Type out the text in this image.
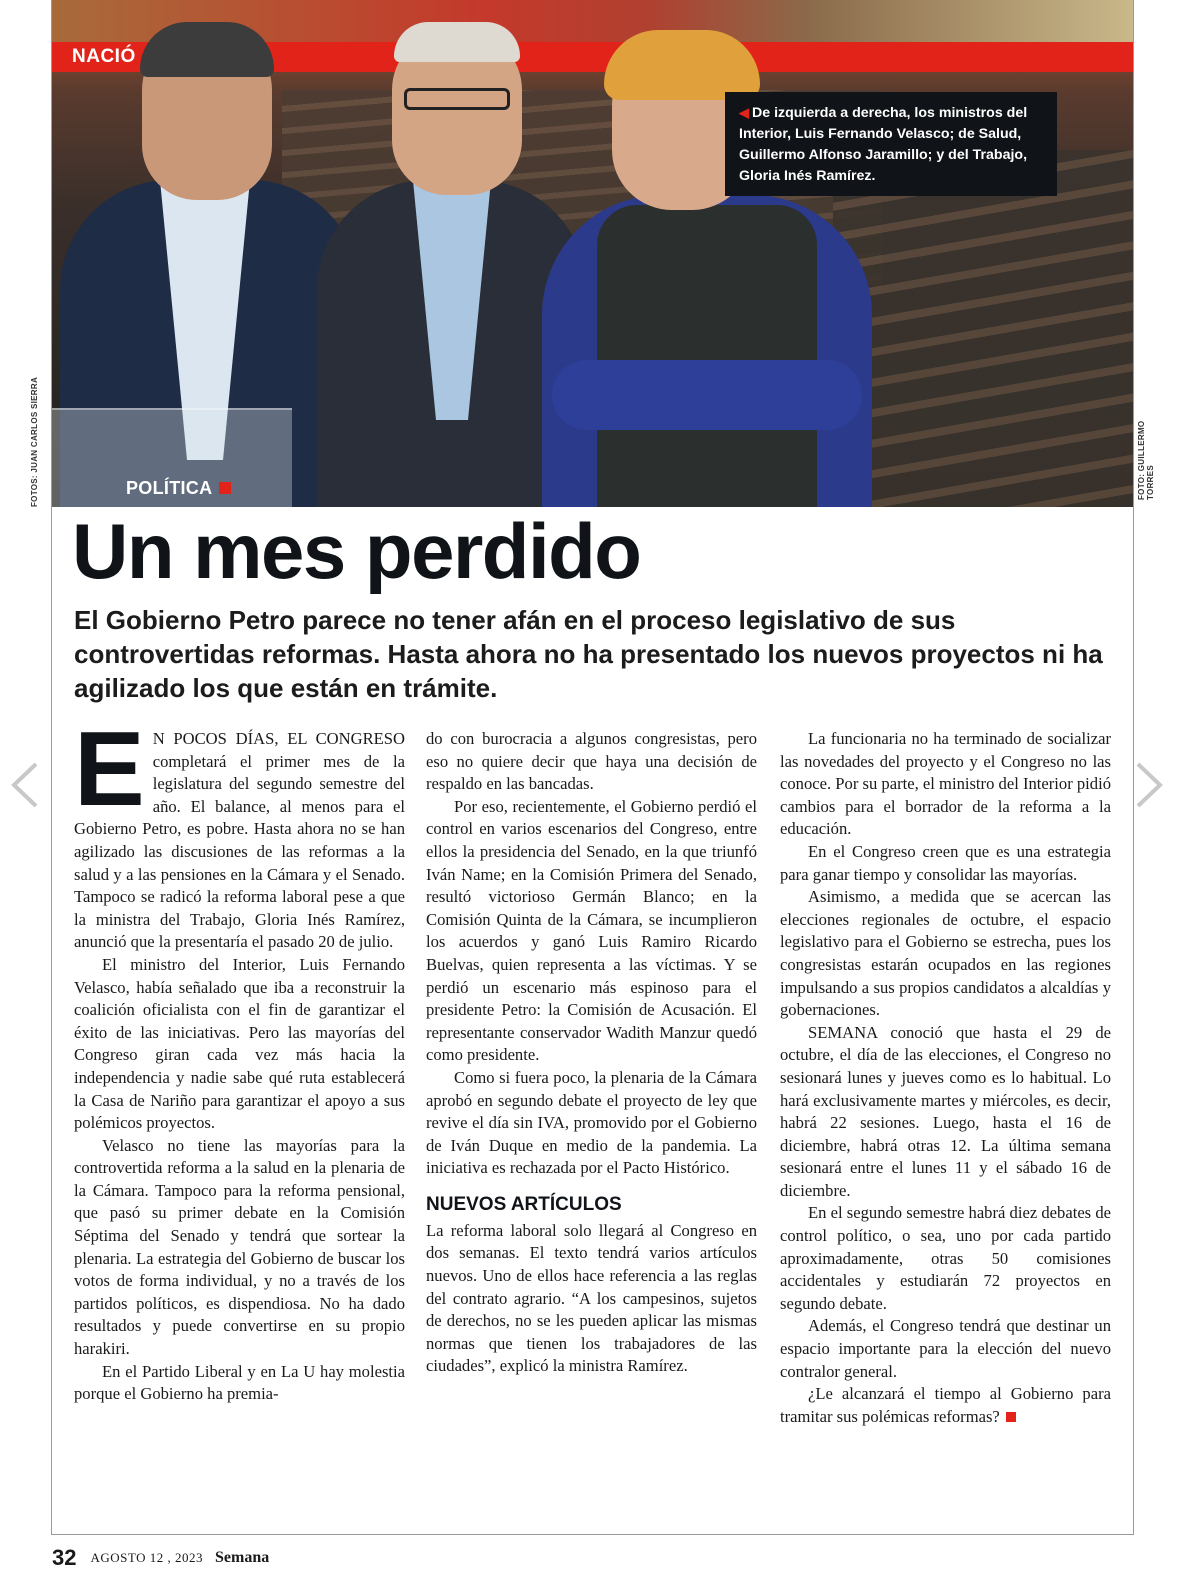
NACIÓ
POLÍTICA
◀ De izquierda a derecha, los ministros del Interior, Luis Fernando Velasco; de Salud, Guillermo Alfonso Jaramillo; y del Trabajo, Gloria Inés Ramírez.
FOTOS: JUAN CARLOS SIERRA	FOTO: GUILLERMO TORRES
Un mes perdido
El Gobierno Petro parece no tener afán en el proceso legislativo de sus controvertidas reformas. Hasta ahora no ha presentado los nuevos proyectos ni ha agilizado los que están en trámite.

E N POCOS DÍAS, EL CONGRESO completará el primer mes de la legislatura del segundo semestre del año. El balance, al menos para el Gobierno Petro, es pobre. Hasta ahora no se han agilizado las discusiones de las reformas a la salud y a las pensiones en la Cámara y el Senado. Tampoco se radicó la reforma laboral pese a que la ministra del Trabajo, Gloria Inés Ramírez, anunció que la presentaría el pasado 20 de julio.

El ministro del Interior, Luis Fernando Velasco, había señalado que iba a reconstruir la coalición oficialista con el fin de garantizar el éxito de las iniciativas. Pero las mayorías del Congreso giran cada vez más hacia la independencia y nadie sabe qué ruta establecerá la Casa de Nariño para garantizar el apoyo a sus polémicos proyectos.

Velasco no tiene las mayorías para la controvertida reforma a la salud en la plenaria de la Cámara. Tampoco para la reforma pensional, que pasó su primer debate en la Comisión Séptima del Senado y tendrá que sortear la plenaria. La estrategia del Gobierno de buscar los votos de forma individual, y no a través de los partidos políticos, es dispendiosa. No ha dado resultados y puede convertirse en su propio harakiri.

En el Partido Liberal y en La U hay molestia porque el Gobierno ha premia-

do con burocracia a algunos congresistas, pero eso no quiere decir que haya una decisión de respaldo en las bancadas.

Por eso, recientemente, el Gobierno perdió el control en varios escenarios del Congreso, entre ellos la presidencia del Senado, en la que triunfó Iván Name; en la Comisión Primera del Senado, resultó victorioso Germán Blanco; en la Comisión Quinta de la Cámara, se incumplieron los acuerdos y ganó Luis Ramiro Ricardo Buelvas, quien representa a las víctimas. Y se perdió un escenario más espinoso para el presidente Petro: la Comisión de Acusación. El representante conservador Wadith Manzur quedó como presidente.

Como si fuera poco, la plenaria de la Cámara aprobó en segundo debate el proyecto de ley que revive el día sin IVA, promovido por el Gobierno de Iván Duque en medio de la pandemia. La iniciativa es rechazada por el Pacto Histórico.

NUEVOS ARTÍCULOS

La reforma laboral solo llegará al Congreso en dos semanas. El texto tendrá varios artículos nuevos. Uno de ellos hace referencia a las reglas del contrato agrario. “A los campesinos, sujetos de derechos, no se les pueden aplicar las mismas normas que tienen los trabajadores de las ciudades”, explicó la ministra Ramírez.

La funcionaria no ha terminado de socializar las novedades del proyecto y el Congreso no las conoce. Por su parte, el ministro del Interior pidió cambios para el borrador de la reforma a la educación.

En el Congreso creen que es una estrategia para ganar tiempo y consolidar las mayorías.

Asimismo, a medida que se acercan las elecciones regionales de octubre, el espacio legislativo para el Gobierno se estrecha, pues los congresistas estarán ocupados en las regiones impulsando a sus propios candidatos a alcaldías y gobernaciones.

SEMANA conoció que hasta el 29 de octubre, el día de las elecciones, el Congreso no sesionará lunes y jueves como es lo habitual. Lo hará exclusivamente martes y miércoles, es decir, habrá 22 sesiones. Luego, hasta el 16 de diciembre, habrá otras 12. La última semana sesionará entre el lunes 11 y el sábado 16 de diciembre.

En el segundo semestre habrá diez debates de control político, o sea, uno por cada partido aproximadamente, otras 50 comisiones accidentales y estudiarán 72 proyectos en segundo debate.

Además, el Congreso tendrá que destinar un espacio importante para la elección del nuevo contralor general.

¿Le alcanzará el tiempo al Gobierno para tramitar sus polémicas reformas?

32 AGOSTO 12 , 2023 Semana
